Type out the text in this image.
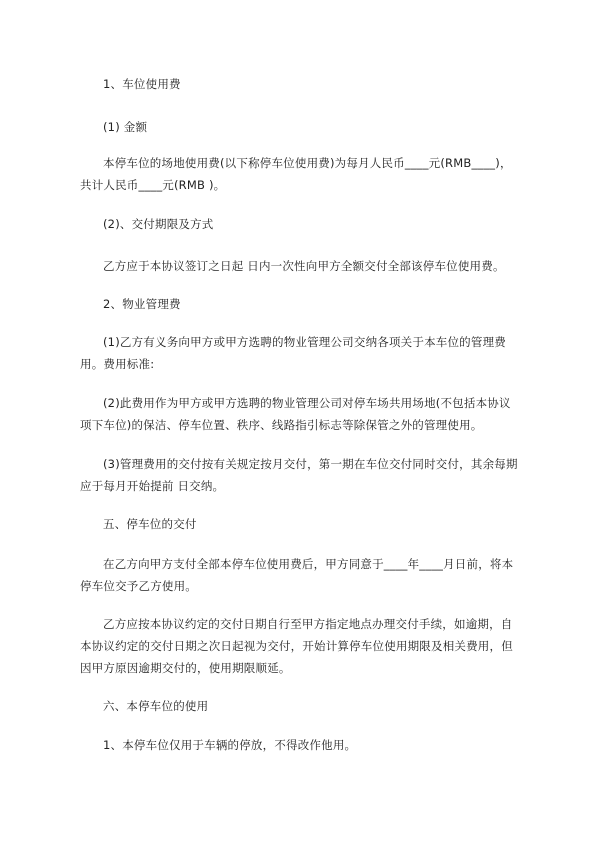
1、车位使用费

(1) 金额

本停车位的场地使用费(以下称停车位使用费)为每月人民币____元(RMB____)，共计人民币____元(RMB )。

(2)、交付期限及方式

乙方应于本协议签订之日起 日内一次性向甲方全额交付全部该停车位使用费。

2、物业管理费

(1)乙方有义务向甲方或甲方选聘的物业管理公司交纳各项关于本车位的管理费用。费用标准:

(2)此费用作为甲方或甲方选聘的物业管理公司对停车场共用场地(不包括本协议项下车位)的保洁、停车位置、秩序、线路指引标志等除保管之外的管理使用。

(3)管理费用的交付按有关规定按月交付，第一期在车位交付同时交付，其余每期应于每月开始提前 日交纳。

五、停车位的交付

在乙方向甲方支付全部本停车位使用费后，甲方同意于____年____月日前，将本停车位交予乙方使用。

乙方应按本协议约定的交付日期自行至甲方指定地点办理交付手续，如逾期，自本协议约定的交付日期之次日起视为交付，开始计算停车位使用期限及相关费用，但因甲方原因逾期交付的，使用期限顺延。

六、本停车位的使用

1、本停车位仅用于车辆的停放，不得改作他用。
